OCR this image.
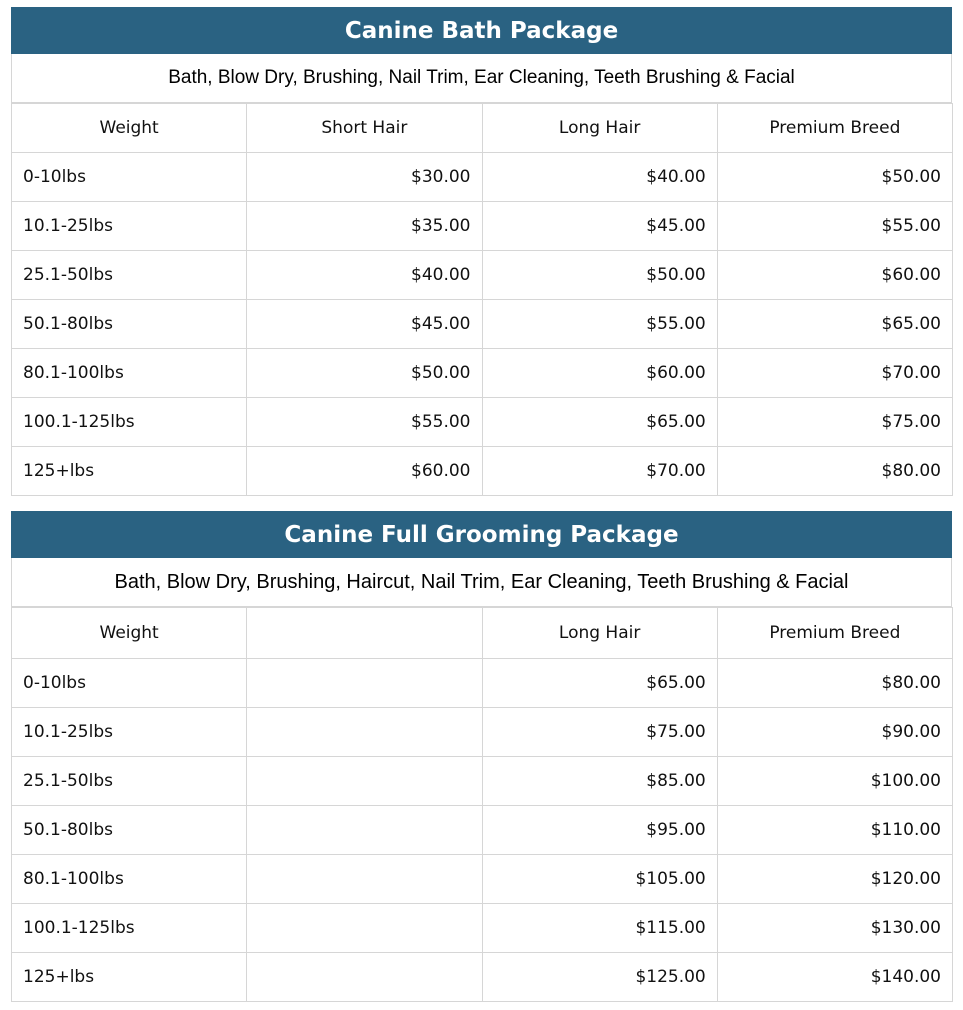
Canine Bath Package
Bath, Blow Dry, Brushing, Nail Trim, Ear Cleaning, Teeth Brushing & Facial
Weight	Short Hair	Long Hair	Premium Breed
0-10lbs	$30.00	$40.00	$50.00
10.1-25lbs	$35.00	$45.00	$55.00
25.1-50lbs	$40.00	$50.00	$60.00
50.1-80lbs	$45.00	$55.00	$65.00
80.1-100lbs	$50.00	$60.00	$70.00
100.1-125lbs	$55.00	$65.00	$75.00
125+lbs	$60.00	$70.00	$80.00
Canine Full Grooming Package
Bath, Blow Dry, Brushing, Haircut, Nail Trim, Ear Cleaning, Teeth Brushing & Facial
Weight		Long Hair	Premium Breed
0-10lbs		$65.00	$80.00
10.1-25lbs		$75.00	$90.00
25.1-50lbs		$85.00	$100.00
50.1-80lbs		$95.00	$110.00
80.1-100lbs		$105.00	$120.00
100.1-125lbs		$115.00	$130.00
125+lbs		$125.00	$140.00
